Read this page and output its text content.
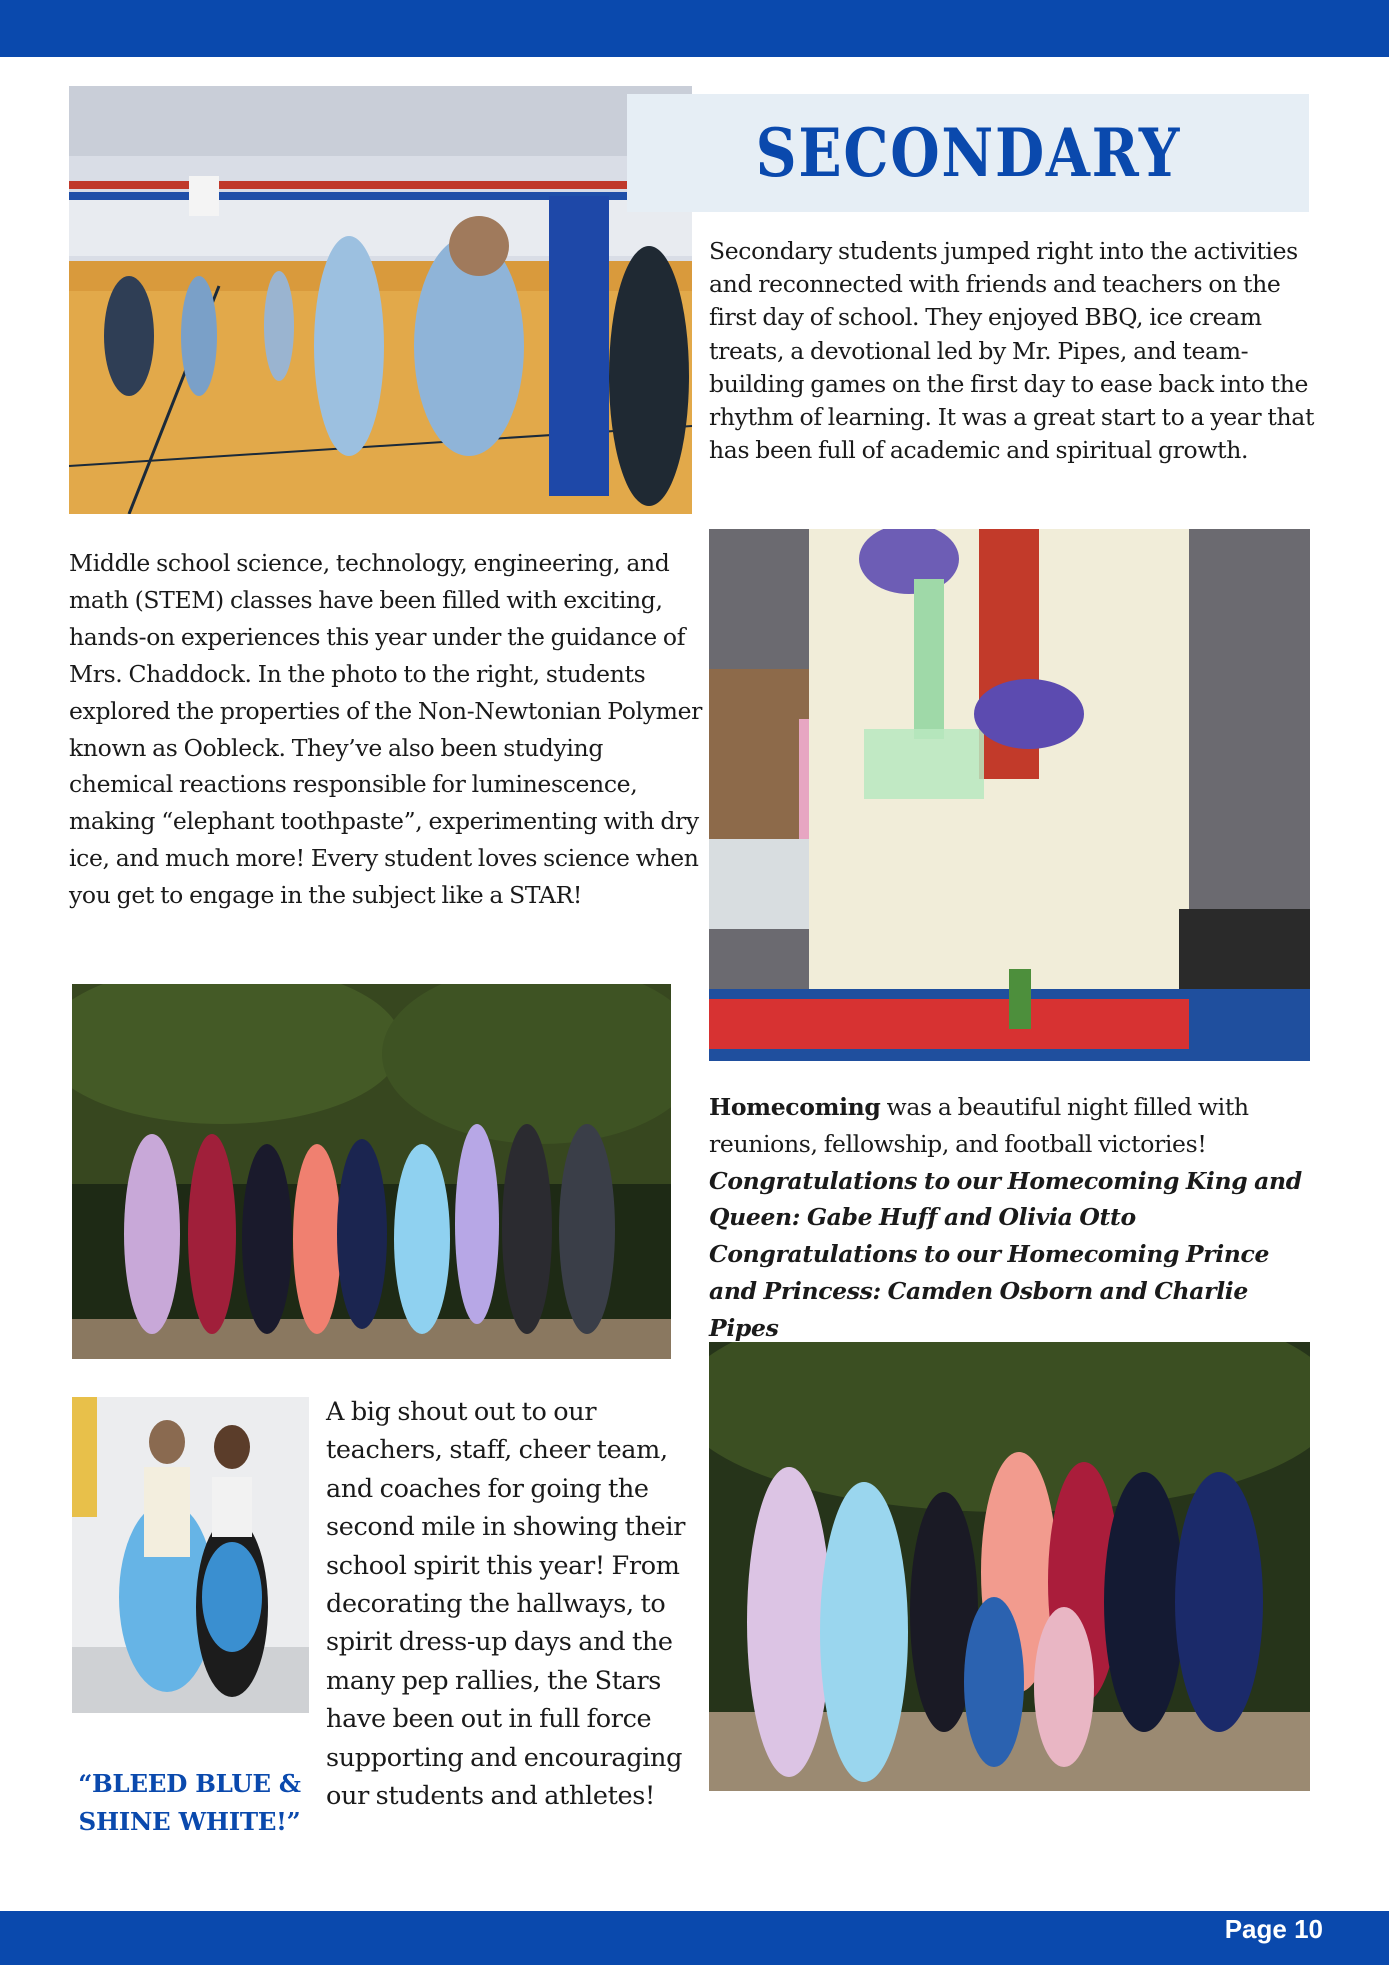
SECONDARY

Secondary students jumped right into the activities and reconnected with friends and teachers on the first day of school. They enjoyed BBQ, ice cream treats, a devotional led by Mr. Pipes, and team-building games on the first day to ease back into the rhythm of learning. It was a great start to a year that has been full of academic and spiritual growth.

Middle school science, technology, engineering, and math (STEM) classes have been filled with exciting, hands-on experiences this year under the guidance of Mrs. Chaddock. In the photo to the right, students explored the properties of the Non-Newtonian Polymer known as Oobleck. They’ve also been studying chemical reactions responsible for luminescence, making “elephant toothpaste”, experimenting with dry ice, and much more! Every student loves science when you get to engage in the subject like a STAR!

Homecoming was a beautiful night filled with reunions, fellowship, and football victories!
Congratulations to our Homecoming King and Queen: Gabe Huff and Olivia Otto
Congratulations to our Homecoming Prince and Princess: Camden Osborn and Charlie Pipes

A big shout out to our teachers, staff, cheer team, and coaches for going the second mile in showing their school spirit this year! From decorating the hallways, to spirit dress-up days and the many pep rallies, the Stars have been out in full force supporting and encouraging our students and athletes!

“BLEED BLUE & SHINE WHITE!”
Page 10
